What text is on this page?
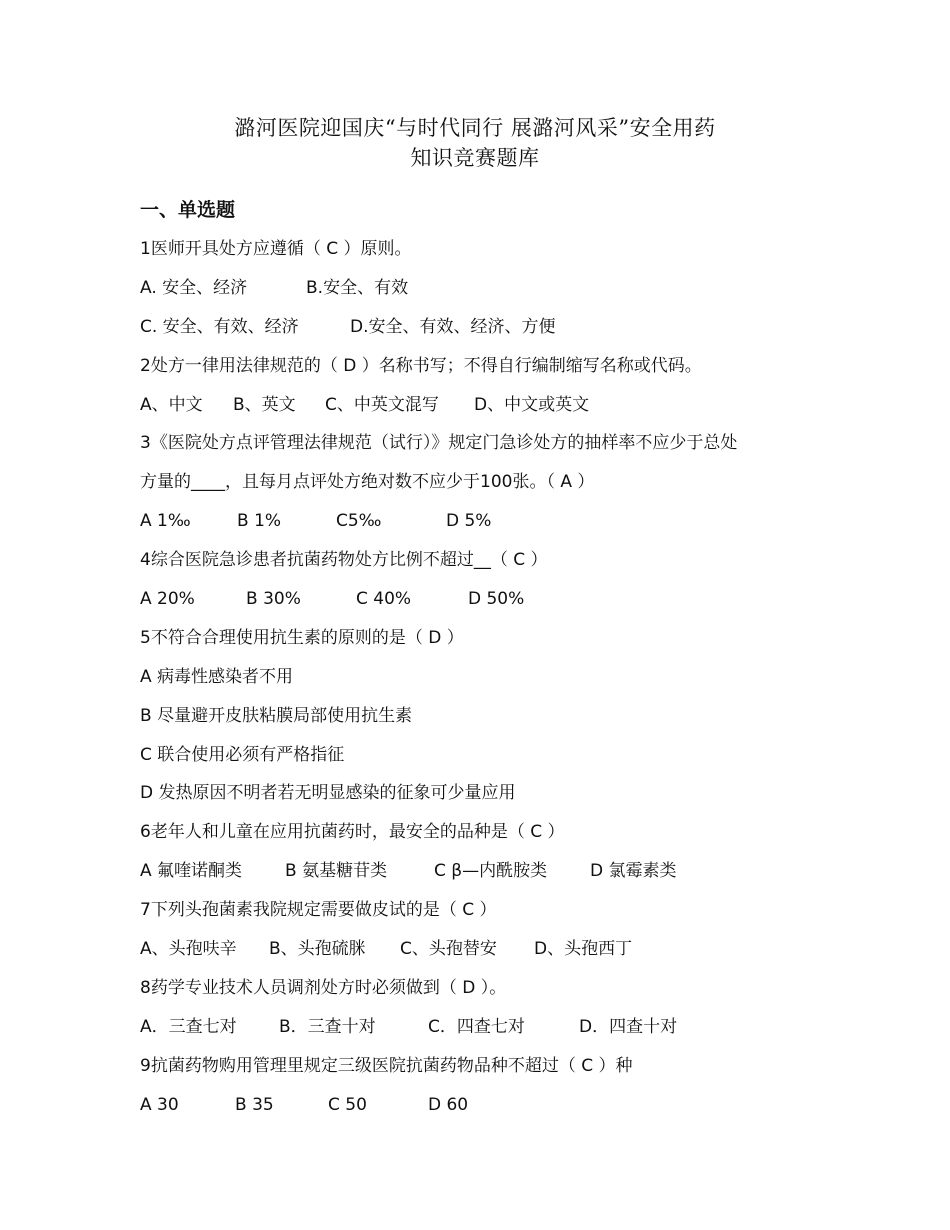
潞河医院迎国庆“与时代同行 展潞河风采”安全用药
知识竞赛题库
一、单选题
1医师开具处方应遵循（ C ）原则。
A. 安全、经济	B.安全、有效
C. 安全、有效、经济	D.安全、有效、经济、方便
2处方一律用法律规范的（ D ）名称书写；不得自行编制缩写名称或代码。
A、中文 B、英文 C、中英文混写 D、中文或英文
3《医院处方点评管理法律规范（试行）》规定门急诊处方的抽样率不应少于总处
方量的____，且每月点评处方绝对数不应少于100张。（ A ）
A 1‰	B 1%	C5‰	D 5%
4综合医院急诊患者抗菌药物处方比例不超过__（ C ）
A 20%	B 30%	C 40%	D 50%
5不符合合理使用抗生素的原则的是（ D ）
A 病毒性感染者不用
B 尽量避开皮肤粘膜局部使用抗生素
C 联合使用必须有严格指征
D 发热原因不明者若无明显感染的征象可少量应用
6老年人和儿童在应用抗菌药时，最安全的品种是（ C ）
A 氟喹诺酮类	B 氨基糖苷类	C β—内酰胺类	D 氯霉素类
7下列头孢菌素我院规定需要做皮试的是（ C ）
A、头孢呋辛 B、头孢硫脒 C、头孢替安 D、头孢西丁
8药学专业技术人员调剂处方时必须做到（ D ）。
A．三查七对 B．三查十对	C．四查七对	D．四查十对
9抗菌药物购用管理里规定三级医院抗菌药物品种不超过（ C ）种
A 30	B 35	C 50	D 60
